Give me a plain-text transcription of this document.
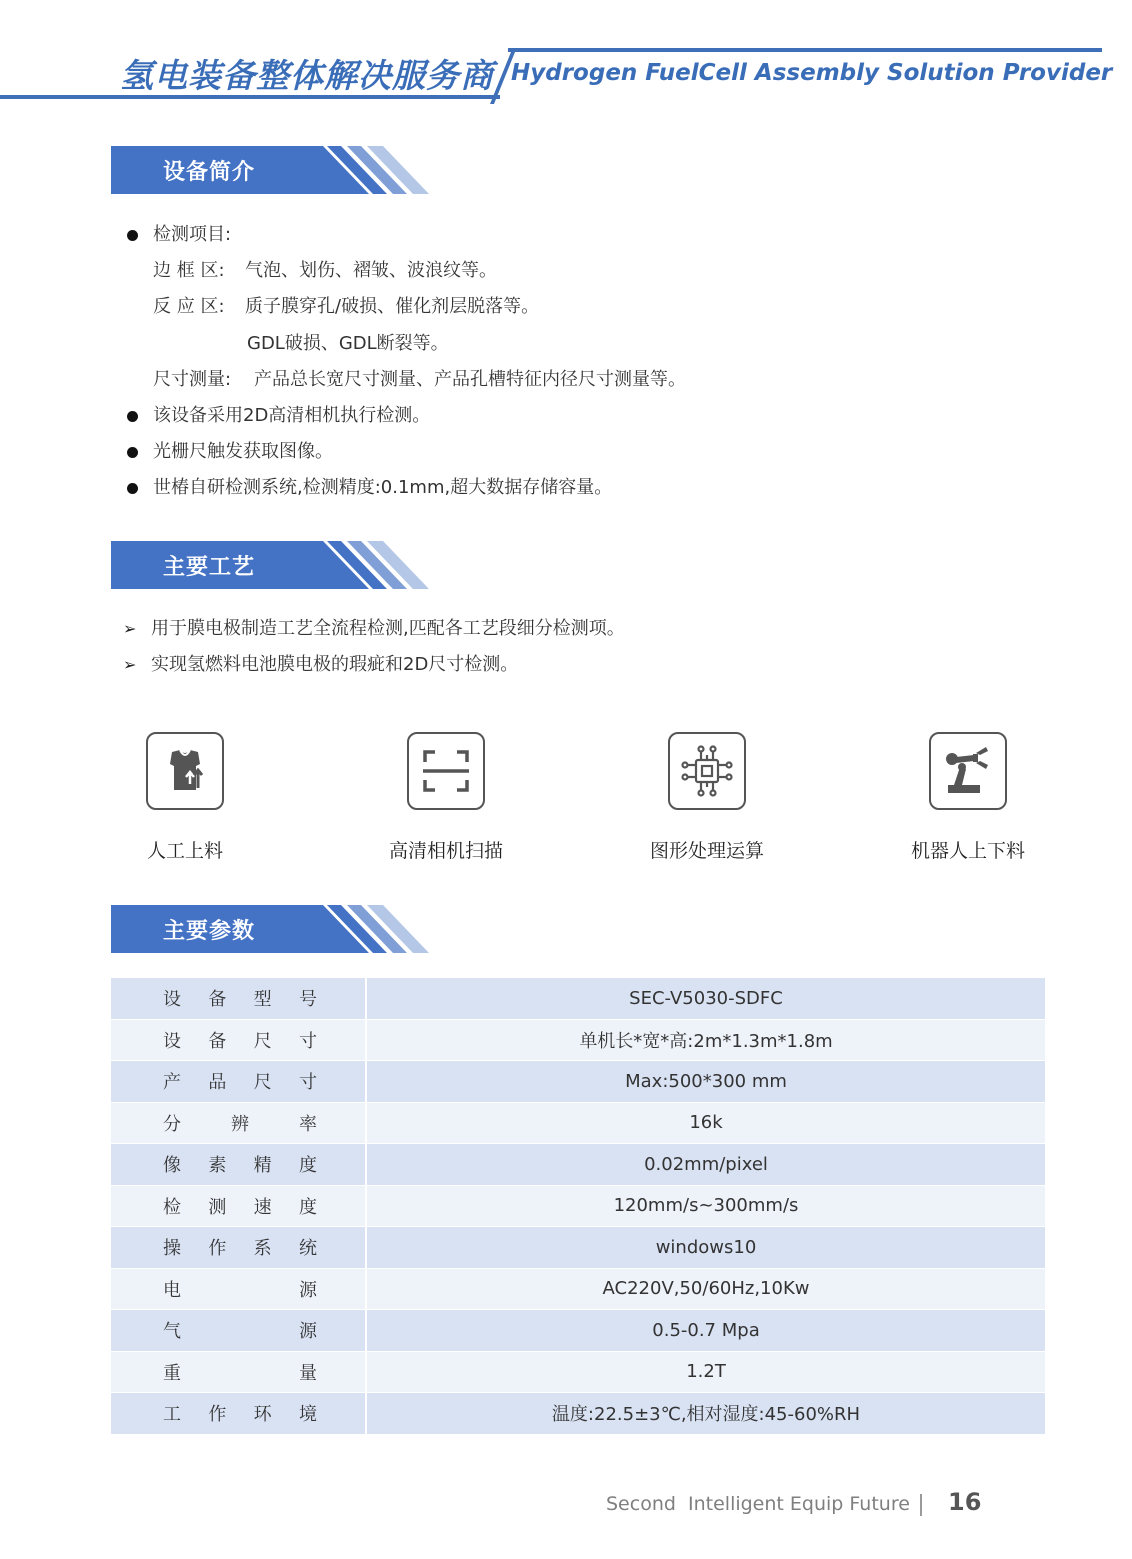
氢电装备整体解决服务商 Hydrogen FuelCell Assembly Solution Provider
设备简介
检测项目:
边 框 区: 气泡、划伤、褶皱、波浪纹等。
反 应 区: 质子膜穿孔/破损、催化剂层脱落等。
GDL破损、GDL断裂等。
尺寸测量: 产品总长宽尺寸测量、产品孔槽特征内径尺寸测量等。
该设备采用2D高清相机执行检测。
光栅尺触发获取图像。
世椿自研检测系统,检测精度:0.1mm,超大数据存储容量。
主要工艺
➢ 用于膜电极制造工艺全流程检测,匹配各工艺段细分检测项。
➢ 实现氢燃料电池膜电极的瑕疵和2D尺寸检测。
人工上料	高清相机扫描	图形处理运算	机器人上下料
主要参数
设 备 型 号	SEC-V5030-SDFC

设 备 尺 寸	单机长*宽*高:2m*1.3m*1.8m

产 品 尺 寸	Max:500*300 mm

分 辨 率	16k

像 素 精 度	0.02mm/pixel

检 测 速 度	120mm/s~300mm/s

操 作 系 统	windows10

电 源	AC220V,50/60Hz,10Kw

气 源	0.5-0.7 Mpa

重 量	1.2T

工 作 环 境	温度:22.5±3℃,相对湿度:45-60%RH
Second  Intelligent Equip Future 16
